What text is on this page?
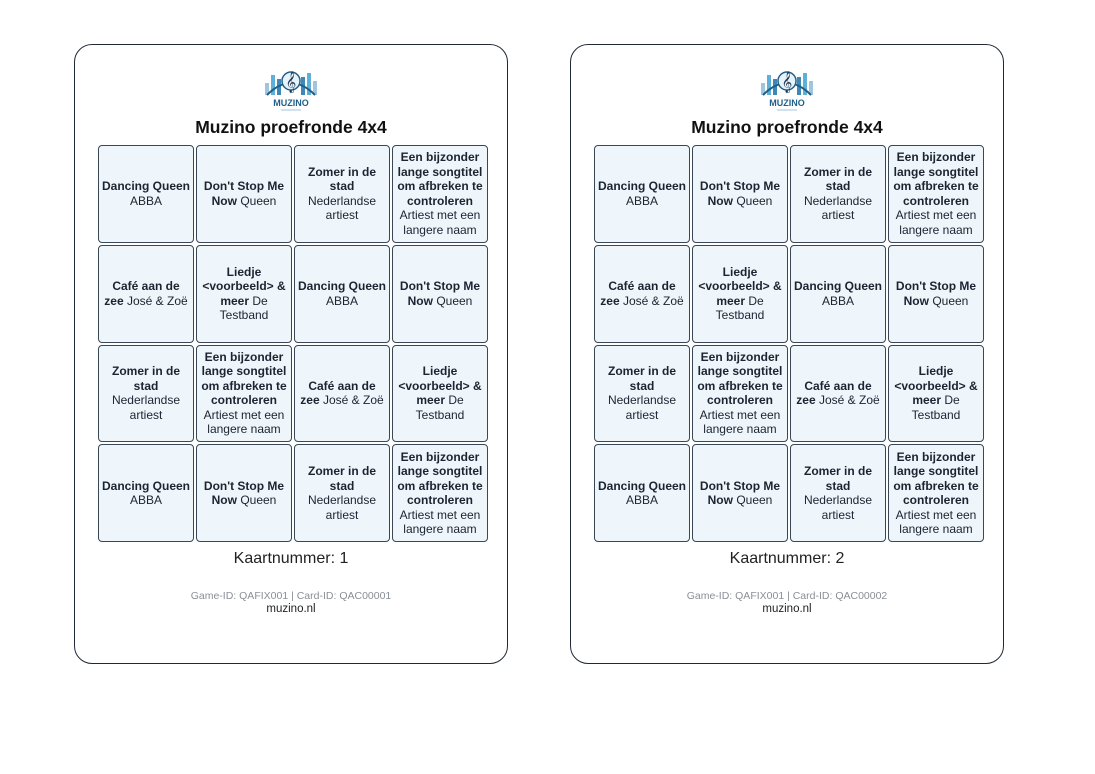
𝄞
MUZINO
Muzino proefronde 4x4
Dancing Queen ABBA
Don't Stop Me Now Queen
Zomer in de stad Nederlandse artiest
Een bijzonder lange songtitel om afbreken te controleren Artiest met een langere naam
Café aan de zee José & Zoë
Liedje <voorbeeld> & meer De Testband
Dancing Queen ABBA
Don't Stop Me Now Queen
Zomer in de stad Nederlandse artiest
Een bijzonder lange songtitel om afbreken te controleren Artiest met een langere naam
Café aan de zee José & Zoë
Liedje <voorbeeld> & meer De Testband
Dancing Queen ABBA
Don't Stop Me Now Queen
Zomer in de stad Nederlandse artiest
Een bijzonder lange songtitel om afbreken te controleren Artiest met een langere naam
Kaartnummer: 1
Game-ID: QAFIX001 | Card-ID: QAC00001
muzino.nl
𝄞
MUZINO
Muzino proefronde 4x4
Dancing Queen ABBA
Don't Stop Me Now Queen
Zomer in de stad Nederlandse artiest
Een bijzonder lange songtitel om afbreken te controleren Artiest met een langere naam
Café aan de zee José & Zoë
Liedje <voorbeeld> & meer De Testband
Dancing Queen ABBA
Don't Stop Me Now Queen
Zomer in de stad Nederlandse artiest
Een bijzonder lange songtitel om afbreken te controleren Artiest met een langere naam
Café aan de zee José & Zoë
Liedje <voorbeeld> & meer De Testband
Dancing Queen ABBA
Don't Stop Me Now Queen
Zomer in de stad Nederlandse artiest
Een bijzonder lange songtitel om afbreken te controleren Artiest met een langere naam
Kaartnummer: 2
Game-ID: QAFIX001 | Card-ID: QAC00002
muzino.nl
